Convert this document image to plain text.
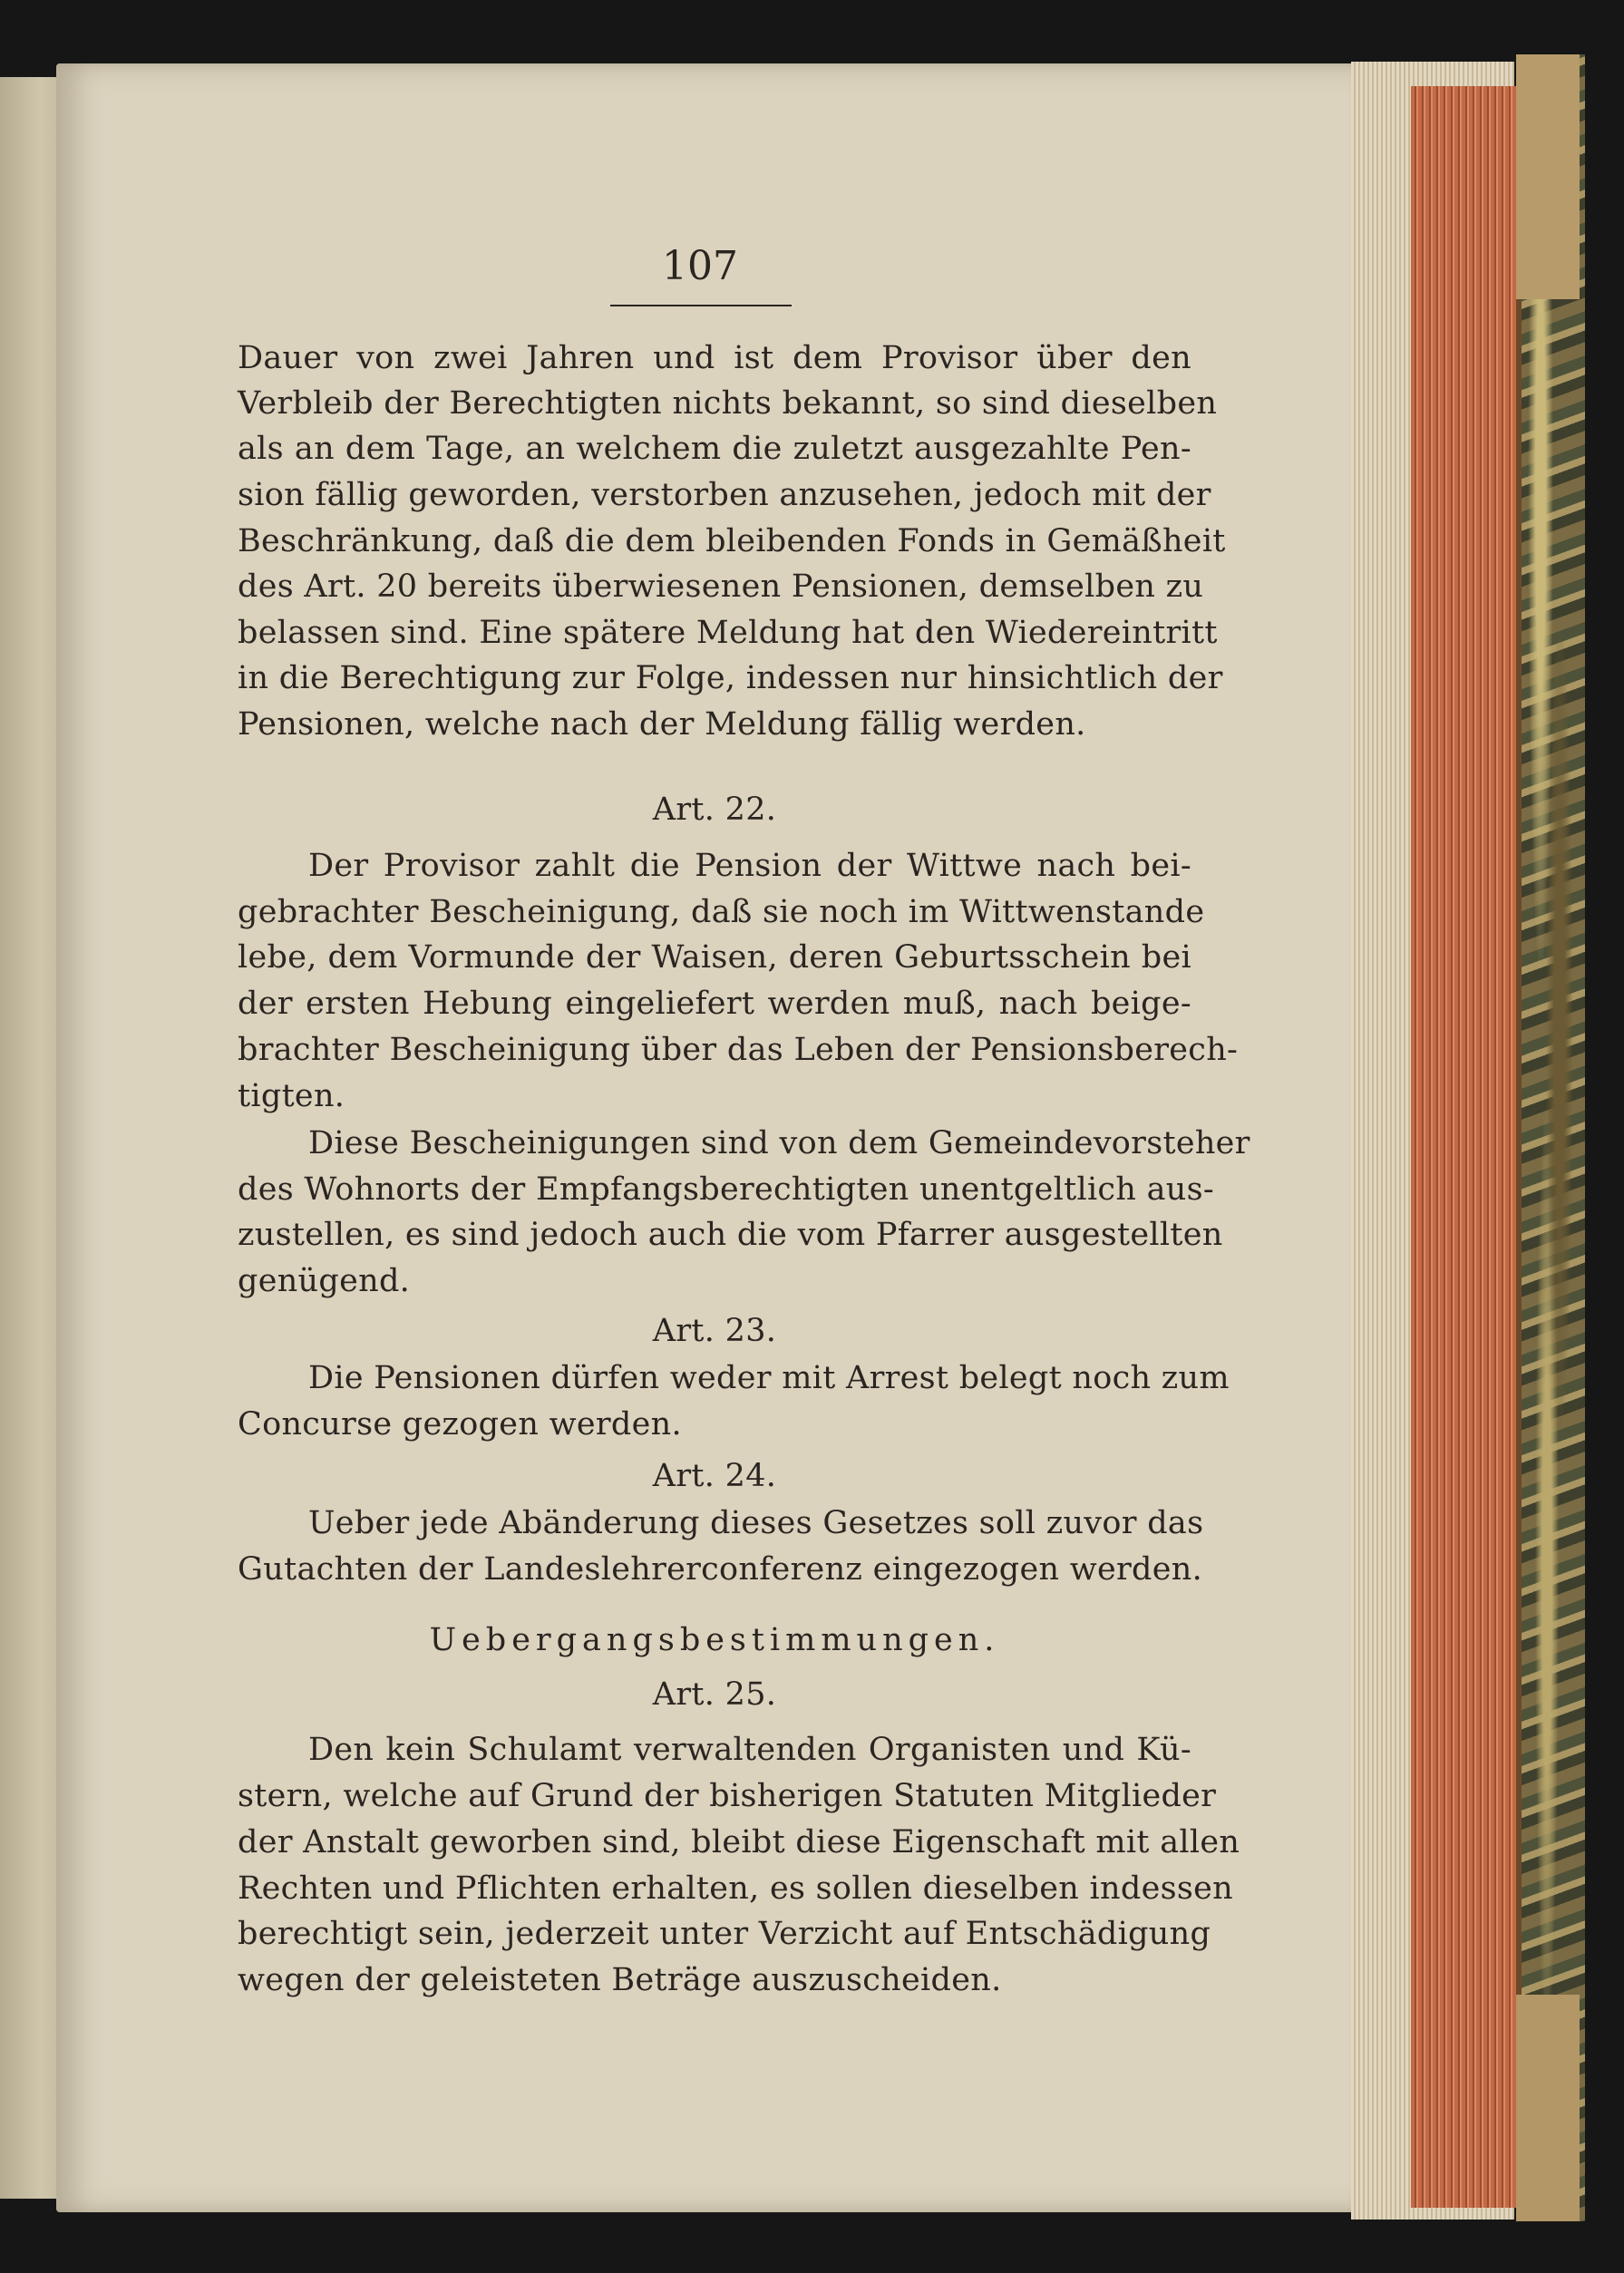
107
Dauer von zwei Jahren und ist dem Provisor über den
Verbleib der Berechtigten nichts bekannt, so sind dieselben
als an dem Tage, an welchem die zuletzt ausgezahlte Pen-
sion fällig geworden, verstorben anzusehen, jedoch mit der
Beschränkung, daß die dem bleibenden Fonds in Gemäßheit
des Art. 20 bereits überwiesenen Pensionen, demselben zu
belassen sind. Eine spätere Meldung hat den Wiedereintritt
in die Berechtigung zur Folge, indessen nur hinsichtlich der
Pensionen, welche nach der Meldung fällig werden.
Art. 22.
Der Provisor zahlt die Pension der Wittwe nach bei-
gebrachter Bescheinigung, daß sie noch im Wittwenstande
lebe, dem Vormunde der Waisen, deren Geburtsschein bei
der ersten Hebung eingeliefert werden muß, nach beige-
brachter Bescheinigung über das Leben der Pensionsberech-
tigten.
Diese Bescheinigungen sind von dem Gemeindevorsteher
des Wohnorts der Empfangsberechtigten unentgeltlich aus-
zustellen, es sind jedoch auch die vom Pfarrer ausgestellten
genügend.
Art. 23.
Die Pensionen dürfen weder mit Arrest belegt noch zum
Concurse gezogen werden.
Art. 24.
Ueber jede Abänderung dieses Gesetzes soll zuvor das
Gutachten der Landeslehrerconferenz eingezogen werden.
Uebergangsbestimmungen.
Art. 25.
Den kein Schulamt verwaltenden Organisten und Kü-
stern, welche auf Grund der bisherigen Statuten Mitglieder
der Anstalt geworben sind, bleibt diese Eigenschaft mit allen
Rechten und Pflichten erhalten, es sollen dieselben indessen
berechtigt sein, jederzeit unter Verzicht auf Entschädigung
wegen der geleisteten Beträge auszuscheiden.
